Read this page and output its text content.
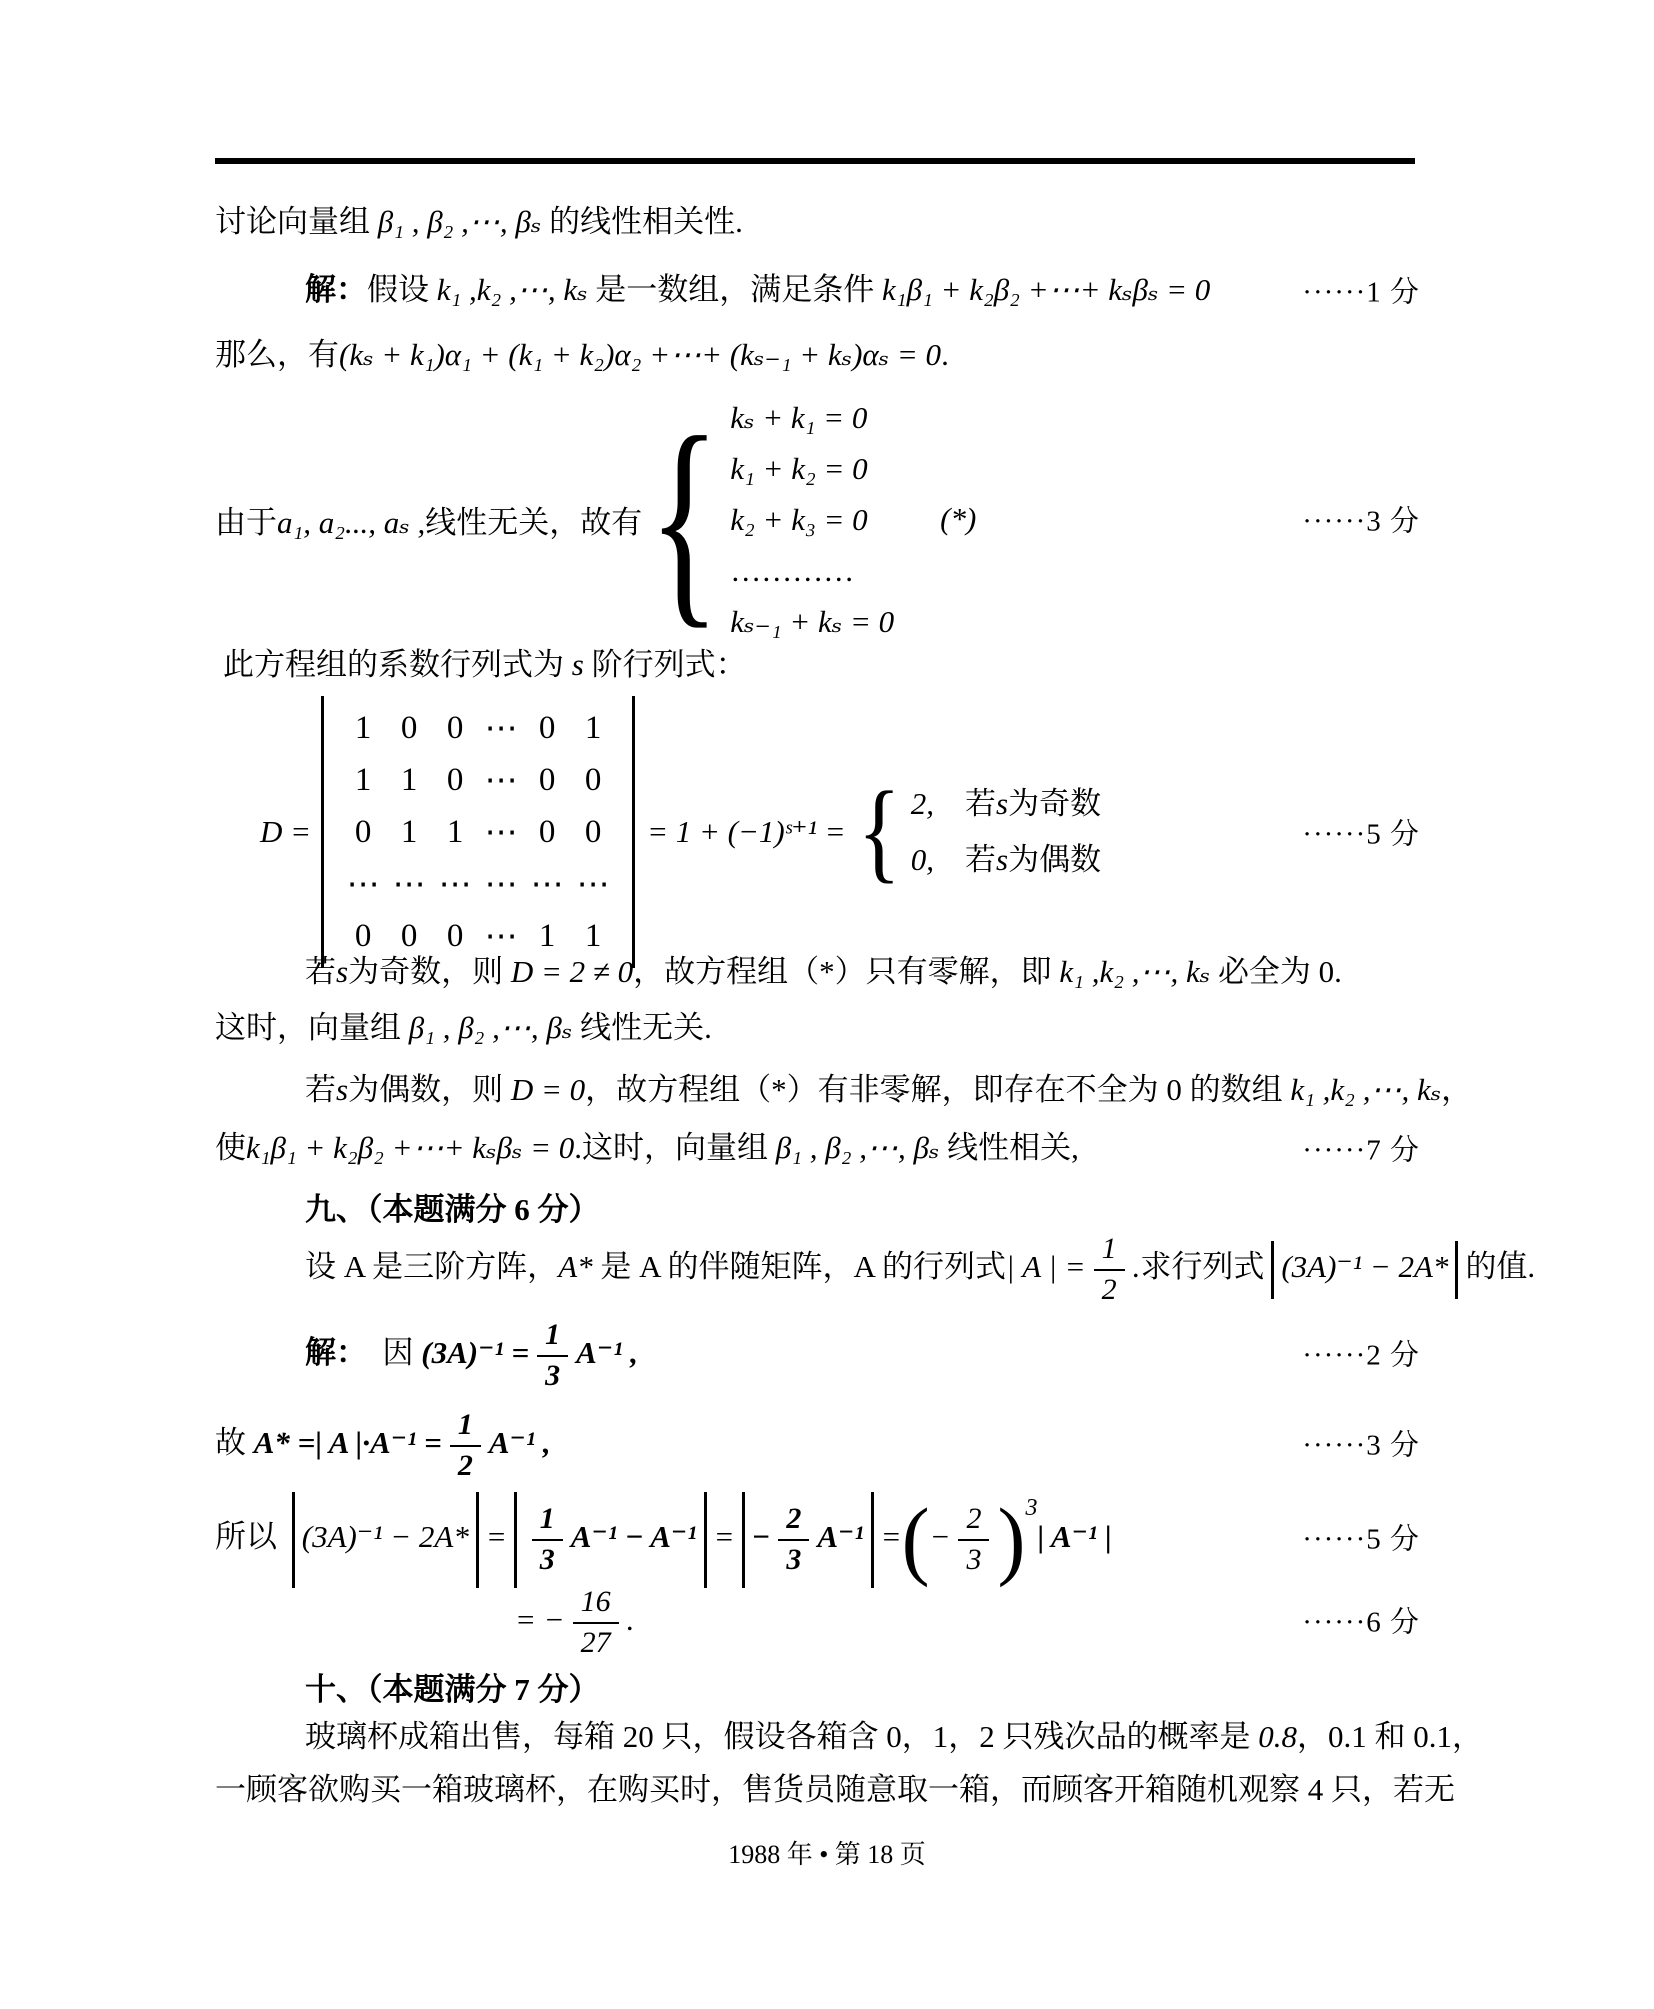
讨论向量组 β₁ , β₂ ,⋯, βₛ 的线性相关性.
解：假设 k₁ ,k₂ ,⋯, kₛ 是一数组，满足条件 k₁β₁ + k₂β₂ +⋯+ kₛβₛ = 0	······1 分
那么，有(kₛ + k₁)α₁ + (k₁ + k₂)α₂ +⋯+ (kₛ₋₁ + kₛ)αₛ = 0.
由于a₁, a₂..., aₛ ,线性无关，故有 { kₛ + k₁ = 0
k₁ + k₂ = 0
k₂ + k₃ = 0
…………
kₛ₋₁ + kₛ = 0
(*)	······3 分
此方程组的系数行列式为 s 阶行列式：
D =
1 0 0 ⋯ 0 1
1 1 0 ⋯ 0 0
0 1 1 ⋯ 0 0
⋯ ⋯ ⋯ ⋯ ⋯ ⋯
0 0 0 ⋯ 1 1
= 1 + (−1)ˢ⁺¹ = { 2,　若s为奇数
0,　若s为偶数
······5 分
若s为奇数，则 D = 2 ≠ 0，故方程组（*）只有零解，即 k₁ ,k₂ ,⋯, kₛ 必全为 0.
这时，向量组 β₁ , β₂ ,⋯, βₛ 线性无关.
若s为偶数，则 D = 0，故方程组（*）有非零解，即存在不全为 0 的数组 k₁ ,k₂ ,⋯, kₛ，
使k₁β₁ + k₂β₂ +⋯+ kₛβₛ = 0.这时，向量组 β₁ , β₂ ,⋯, βₛ 线性相关,	······7 分
九、（本题满分 6 分）
设 A 是三阶方阵，A* 是 A 的伴随矩阵，A 的行列式| A | = $\frac{1}{2}$ .求行列式 (3A)⁻¹ − 2A* 的值.
解：　因 $(3A)^{-1} = \frac{1}{3} A^{-1}$ ,	······2 分
故 A* =| A $|\cdot A^{-1} = \frac{1}{2} A^{-1}$ ,	······3 分
所以 $(3A)^{-1} - 2A* = \frac{1}{3} A^{-1} - A^{-1}$ = − $\frac{2}{3} A^{-1}$ =(− $\frac{2}{3} )^3|$ A⁻¹ |	······5 分
= − $\frac{16}{27}$ .	······6 分
十、（本题满分 7 分）
玻璃杯成箱出售，每箱 20 只，假设各箱含 0，1，2 只残次品的概率是 0.8，0.1 和 0.1，
一顾客欲购买一箱玻璃杯，在购买时，售货员随意取一箱，而顾客开箱随机观察 4 只，若无
1988 年 • 第 18 页
